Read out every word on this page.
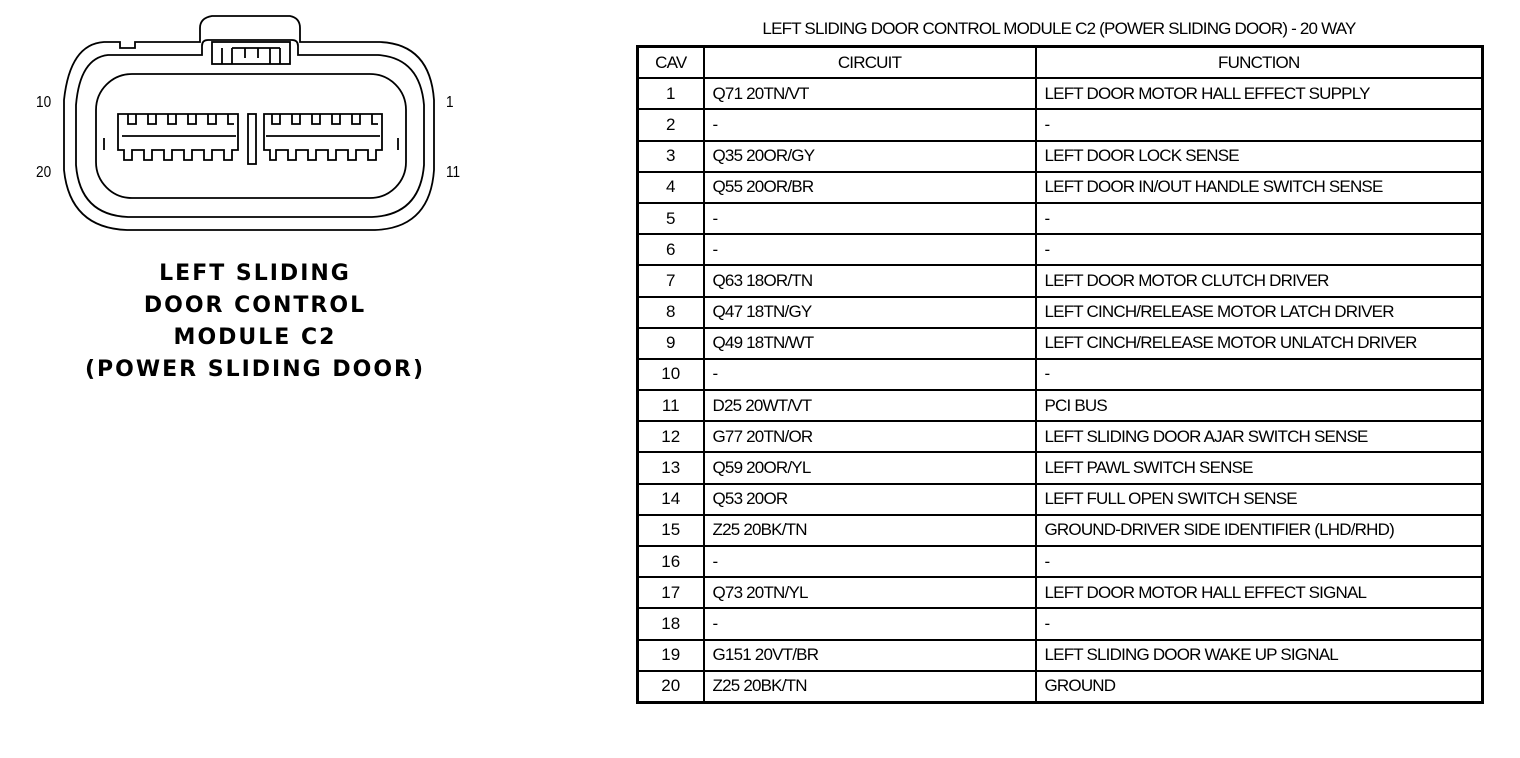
10	1
20	11
LEFT SLIDING
DOOR CONTROL
MODULE C2
(POWER SLIDING DOOR)
LEFT SLIDING DOOR CONTROL MODULE C2 (POWER SLIDING DOOR) - 20 WAY
CAV	CIRCUIT	FUNCTION
1	Q71 20TN/VT	LEFT DOOR MOTOR HALL EFFECT SUPPLY
2	-	-
3	Q35 20OR/GY	LEFT DOOR LOCK SENSE
4	Q55 20OR/BR	LEFT DOOR IN/OUT HANDLE SWITCH SENSE
5	-	-
6	-	-
7	Q63 18OR/TN	LEFT DOOR MOTOR CLUTCH DRIVER
8	Q47 18TN/GY	LEFT CINCH/RELEASE MOTOR LATCH DRIVER
9	Q49 18TN/WT	LEFT CINCH/RELEASE MOTOR UNLATCH DRIVER
10	-	-
11	D25 20WT/VT	PCI BUS
12	G77 20TN/OR	LEFT SLIDING DOOR AJAR SWITCH SENSE
13	Q59 20OR/YL	LEFT PAWL SWITCH SENSE
14	Q53 20OR	LEFT FULL OPEN SWITCH SENSE
15	Z25 20BK/TN	GROUND-DRIVER SIDE IDENTIFIER (LHD/RHD)
16	-	-
17	Q73 20TN/YL	LEFT DOOR MOTOR HALL EFFECT SIGNAL
18	-	-
19	G151 20VT/BR	LEFT SLIDING DOOR WAKE UP SIGNAL
20	Z25 20BK/TN	GROUND
